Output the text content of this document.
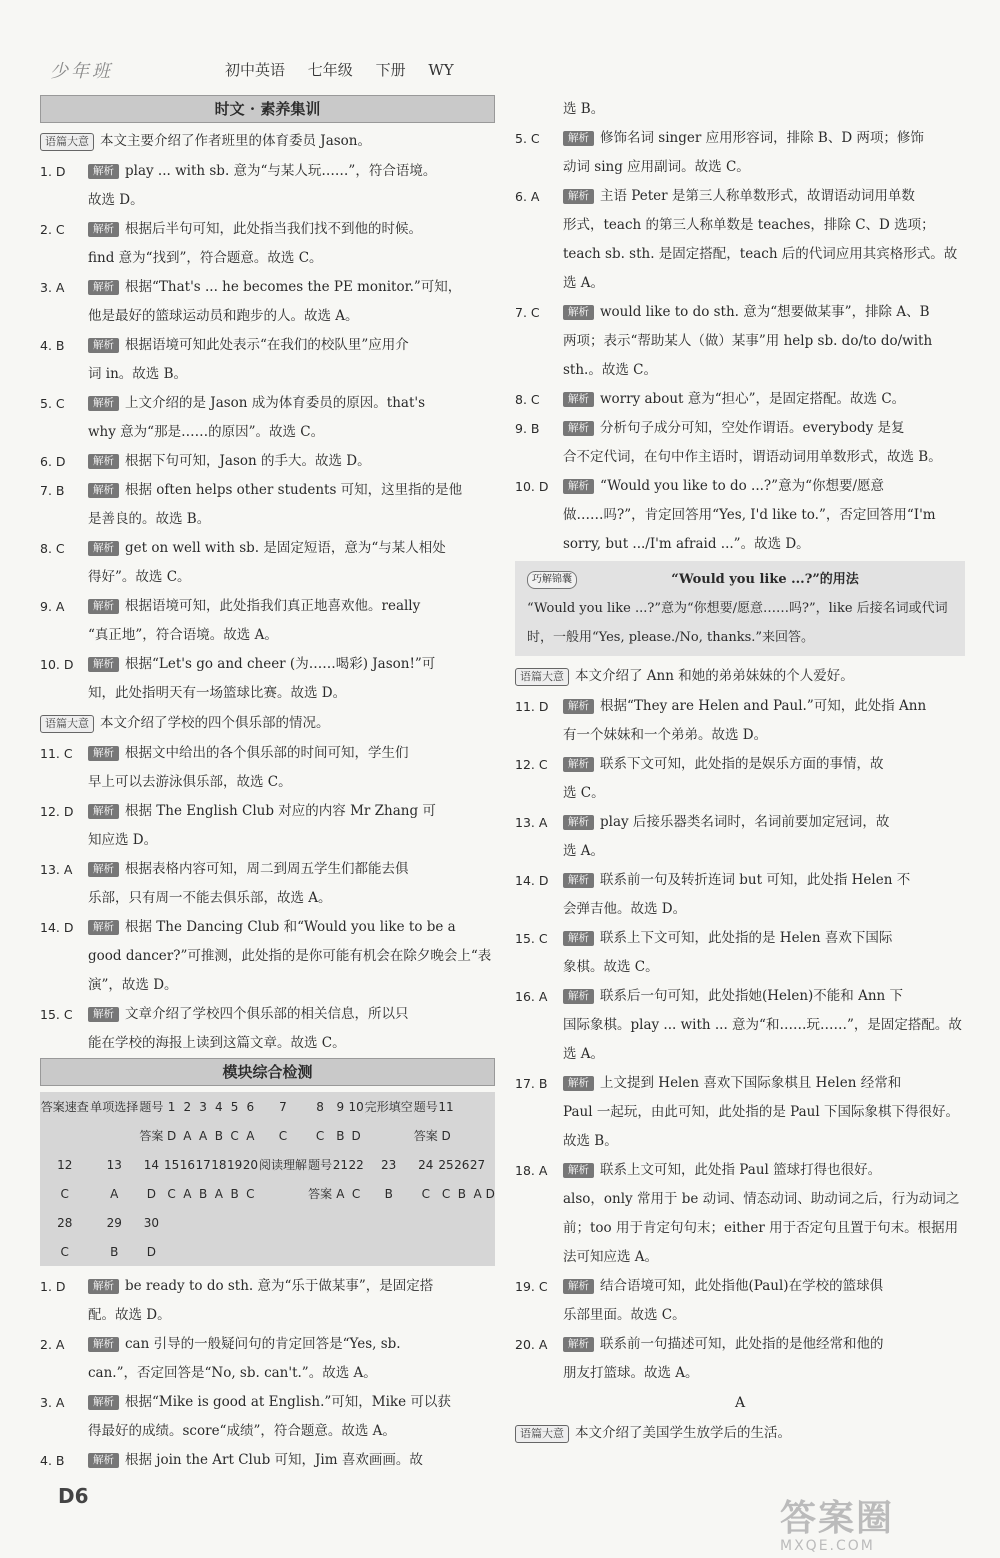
少年班	初中英语 七年级 下册 WY
时文 · 素养集训
语篇大意 本文主要介绍了作者班里的体育委员 Jason。
1. D	解析 play ... with sb. 意为“与某人玩……”，符合语境。
故选 D。
2. C	解析 根据后半句可知，此处指当我们找不到他的时候。
find 意为“找到”，符合题意。故选 C。
3. A	解析 根据“That's ... he becomes the PE monitor.”可知，
他是最好的篮球运动员和跑步的人。故选 A。
4. B	解析 根据语境可知此处表示“在我们的校队里”应用介
词 in。故选 B。
5. C	解析 上文介绍的是 Jason 成为体育委员的原因。that's
why 意为“那是……的原因”。故选 C。
6. D	解析 根据下句可知，Jason 的手大。故选 D。
7. B	解析 根据 often helps other students 可知，这里指的是他
是善良的。故选 B。
8. C	解析 get on well with sb. 是固定短语，意为“与某人相处
得好”。故选 C。
9. A	解析 根据语境可知，此处指我们真正地喜欢他。really
“真正地”，符合语境。故选 A。
10. D	解析 根据“Let's go and cheer (为……喝彩) Jason!”可
知，此处指明天有一场篮球比赛。故选 D。
语篇大意 本文介绍了学校的四个俱乐部的情况。
11. C	解析 根据文中给出的各个俱乐部的时间可知，学生们
早上可以去游泳俱乐部，故选 C。
12. D	解析 根据 The English Club 对应的内容 Mr Zhang 可
知应选 D。
13. A	解析 根据表格内容可知，周二到周五学生们都能去俱
乐部，只有周一不能去俱乐部，故选 A。
14. D	解析 根据 The Dancing Club 和“Would you like to be a
good dancer?”可推测，此处指的是你可能有机会在除夕晚会上“表演”，故选 D。
15. C	解析 文章介绍了学校四个俱乐部的相关信息，所以只
能在学校的海报上读到这篇文章。故选 C。
模块综合检测
答案速查	单项选择	题号	1	2	3	4	5	6	7	8	9	10	完形填空	题号	11			
		答案	D	A	A	B	C	A	C	C	B	D		答案	D			
12	13	14	15	16	17	18	19	20	阅读理解	题号	21	22	23	24	25	26	27	
C	A	D	C	A	B	A	B	C		答案	A	C	B	C	C	B	A	D
28	29	30																
C	B	D																
1. D	解析 be ready to do sth. 意为“乐于做某事”，是固定搭
配。故选 D。
2. A	解析 can 引导的一般疑问句的肯定回答是“Yes, sb.
can.”，否定回答是“No, sb. can't.”。故选 A。
3. A	解析 根据“Mike is good at English.”可知，Mike 可以获
得最好的成绩。score“成绩”，符合题意。故选 A。
4. B	解析 根据 join the Art Club 可知，Jim 喜欢画画。故
选 B。
5. C	解析 修饰名词 singer 应用形容词，排除 B、D 两项；修饰
动词 sing 应用副词。故选 C。
6. A	解析 主语 Peter 是第三人称单数形式，故谓语动词用单数
形式，teach 的第三人称单数是 teaches，排除 C、D 选项；teach sb. sth. 是固定搭配，teach 后的代词应用其宾格形式。故选 A。
7. C	解析 would like to do sth. 意为“想要做某事”，排除 A、B
两项；表示“帮助某人（做）某事”用 help sb. do/to do/with sth.。故选 C。
8. C	解析 worry about 意为“担心”，是固定搭配。故选 C。
9. B	解析 分析句子成分可知，空处作谓语。everybody 是复
合不定代词，在句中作主语时，谓语动词用单数形式，故选 B。
10. D	解析 “Would you like to do ...?”意为“你想要/愿意
做……吗?”，肯定回答用“Yes, I'd like to.”，否定回答用“I'm sorry, but .../I'm afraid ...”。故选 D。
巧解锦囊	“Would you like ...?”的用法
“Would you like ...?”意为“你想要/愿意……吗?”，like 后接名词或代词时，一般用“Yes, please./No, thanks.”来回答。
语篇大意 本文介绍了 Ann 和她的弟弟妹妹的个人爱好。
11. D	解析 根据“They are Helen and Paul.”可知，此处指 Ann
有一个妹妹和一个弟弟。故选 D。
12. C	解析 联系下文可知，此处指的是娱乐方面的事情，故
选 C。
13. A	解析 play 后接乐器类名词时，名词前要加定冠词，故
选 A。
14. D	解析 联系前一句及转折连词 but 可知，此处指 Helen 不
会弹吉他。故选 D。
15. C	解析 联系上下文可知，此处指的是 Helen 喜欢下国际
象棋。故选 C。
16. A	解析 联系后一句可知，此处指她(Helen)不能和 Ann 下
国际象棋。play ... with ... 意为“和……玩……”，是固定搭配。故选 A。
17. B	解析 上文提到 Helen 喜欢下国际象棋且 Helen 经常和
Paul 一起玩，由此可知，此处指的是 Paul 下国际象棋下得很好。故选 B。
18. A	解析 联系上文可知，此处指 Paul 篮球打得也很好。
also，only 常用于 be 动词、情态动词、助动词之后，行为动词之前；too 用于肯定句句末；either 用于否定句且置于句末。根据用法可知应选 A。
19. C	解析 结合语境可知，此处指他(Paul)在学校的篮球俱
乐部里面。故选 C。
20. A	解析 联系前一句描述可知，此处指的是他经常和他的
朋友打篮球。故选 A。
A
语篇大意 本文介绍了美国学生放学后的生活。
D6
答案圈
MXQE.COM
